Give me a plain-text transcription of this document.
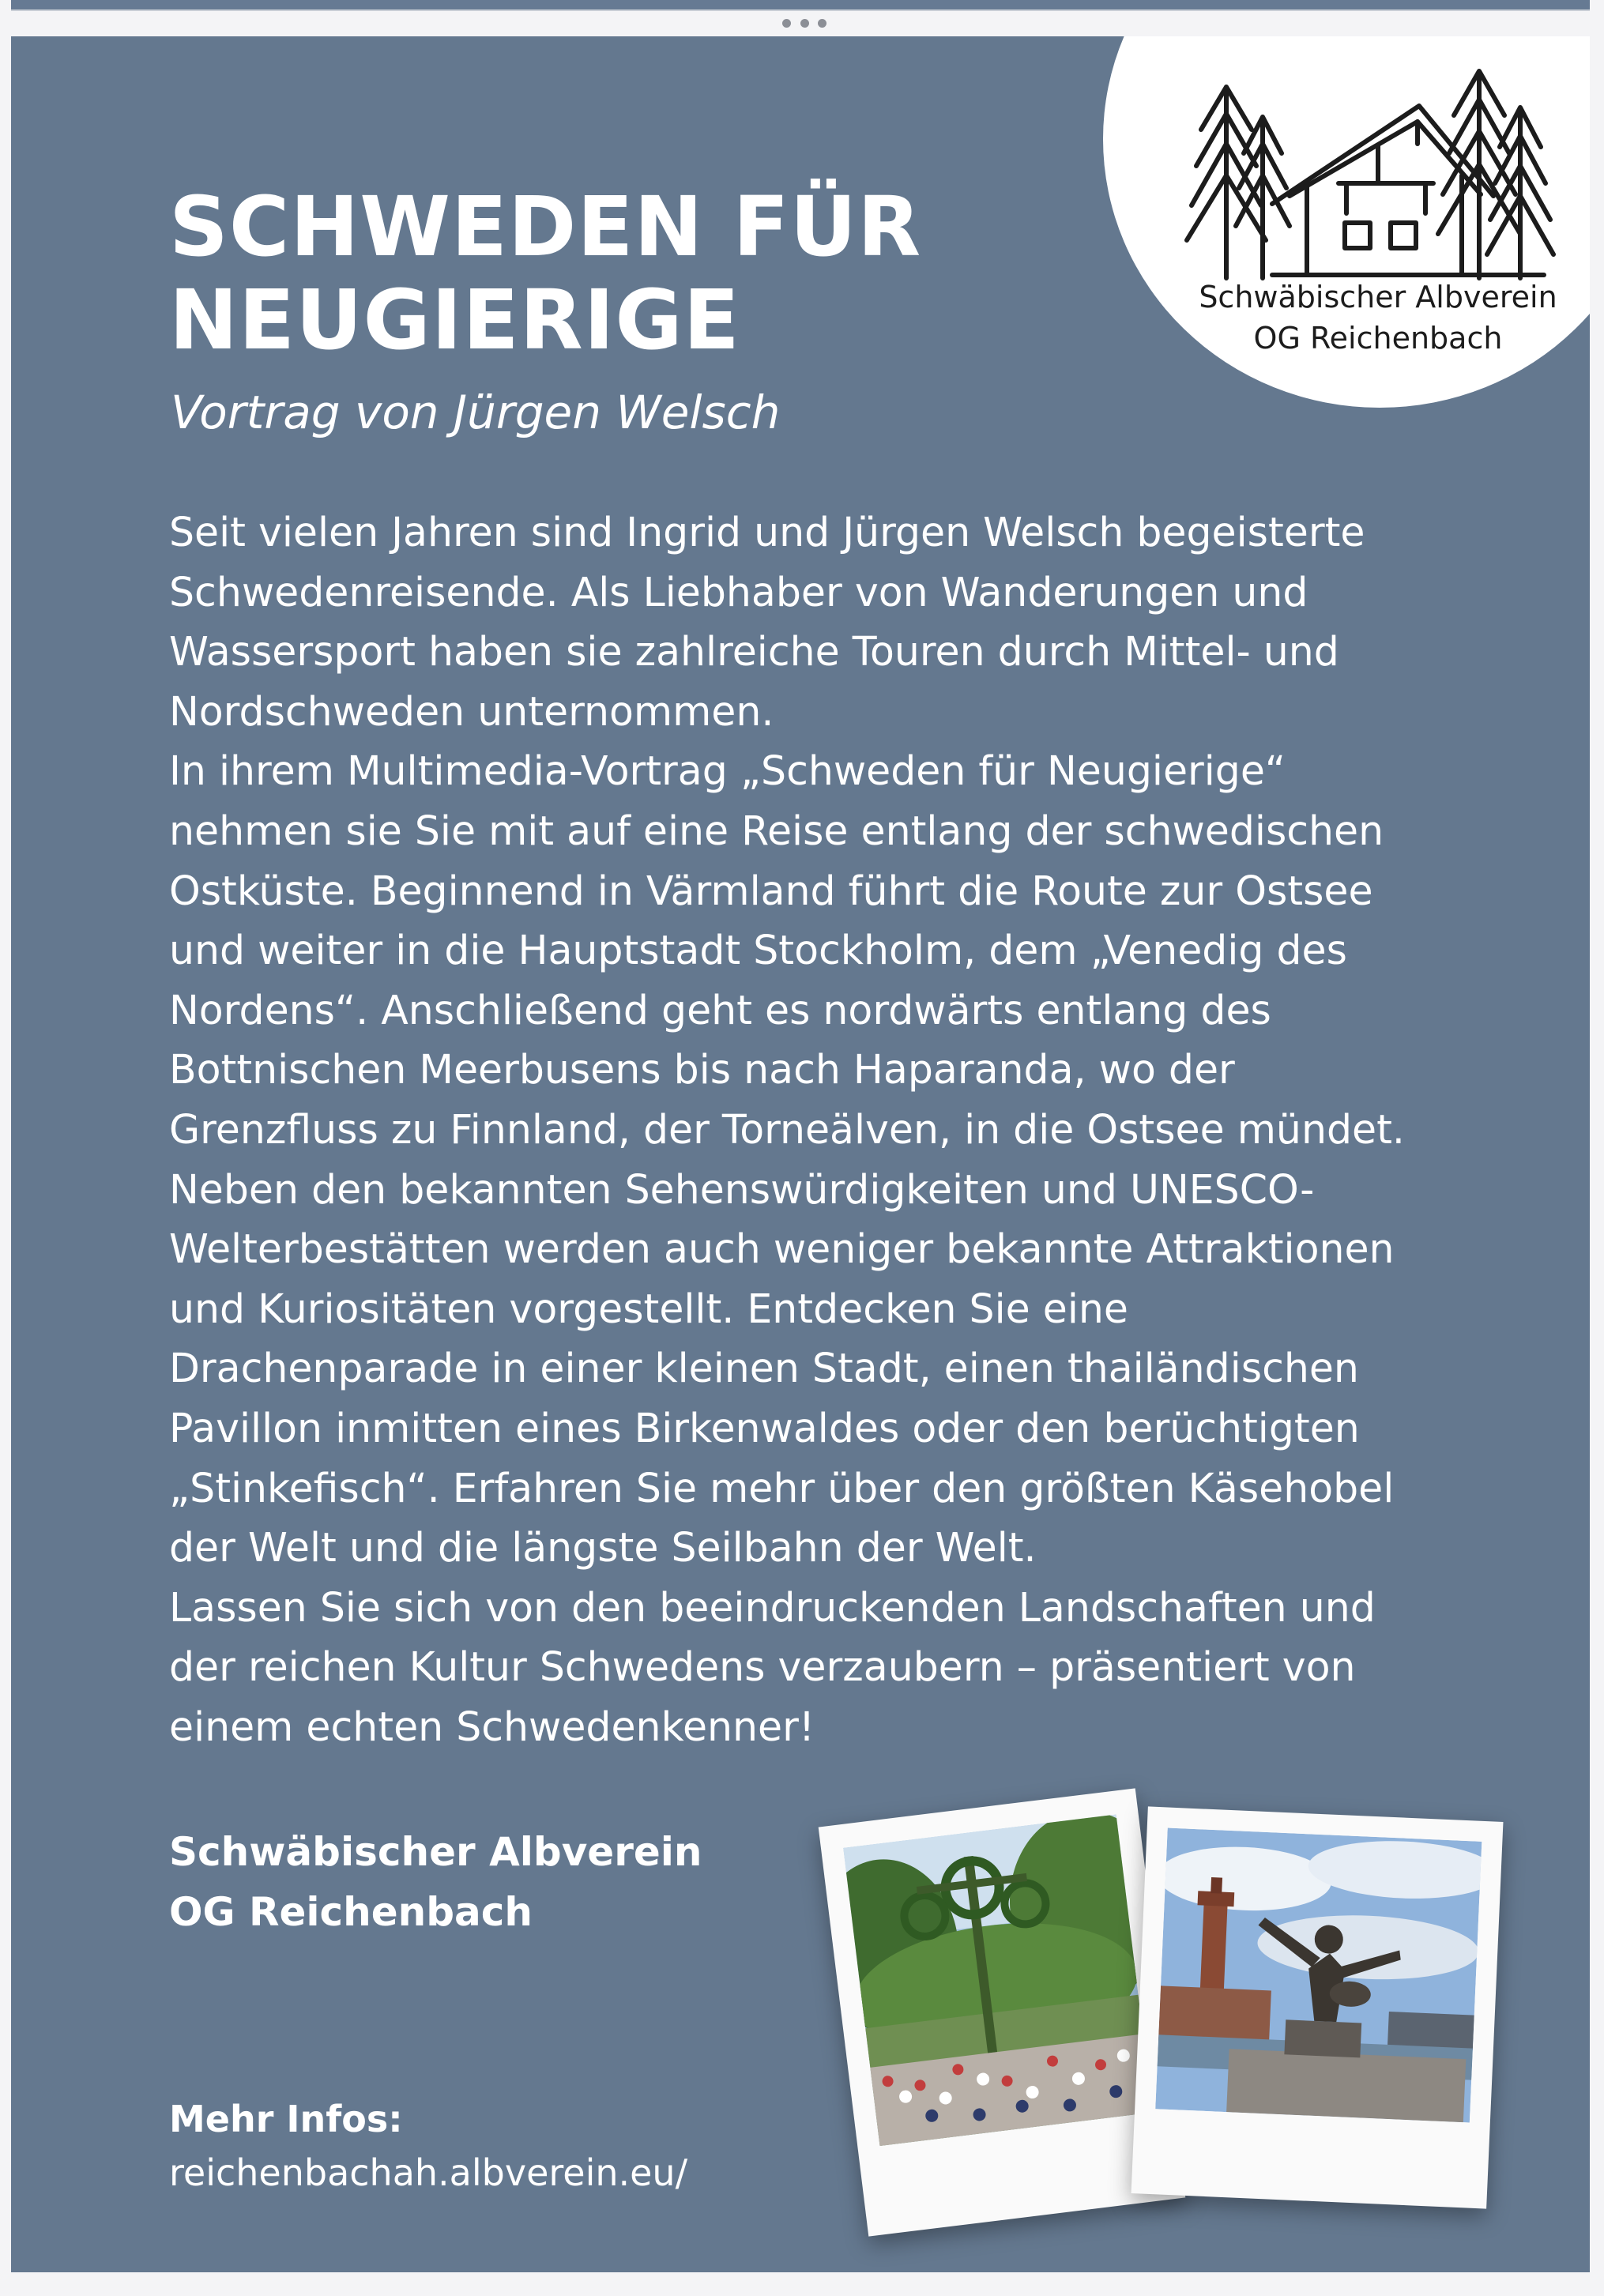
Schwäbischer Albverein
OG Reichenbach
SCHWEDEN FÜR
NEUGIERIGE
Vortrag von Jürgen Welsch
Seit vielen Jahren sind Ingrid und Jürgen Welsch begeisterte
Schwedenreisende. Als Liebhaber von Wanderungen und
Wassersport haben sie zahlreiche Touren durch Mittel- und
Nordschweden unternommen.
In ihrem Multimedia-Vortrag „Schweden für Neugierige“
nehmen sie Sie mit auf eine Reise entlang der schwedischen
Ostküste. Beginnend in Värmland führt die Route zur Ostsee
und weiter in die Hauptstadt Stockholm, dem „Venedig des
Nordens“. Anschließend geht es nordwärts entlang des
Bottnischen Meerbusens bis nach Haparanda, wo der
Grenzfluss zu Finnland, der Torneälven, in die Ostsee mündet.
Neben den bekannten Sehenswürdigkeiten und UNESCO-
Welterbestätten werden auch weniger bekannte Attraktionen
und Kuriositäten vorgestellt. Entdecken Sie eine
Drachenparade in einer kleinen Stadt, einen thailändischen
Pavillon inmitten eines Birkenwaldes oder den berüchtigten
„Stinkefisch“. Erfahren Sie mehr über den größten Käsehobel
der Welt und die längste Seilbahn der Welt.
Lassen Sie sich von den beeindruckenden Landschaften und
der reichen Kultur Schwedens verzaubern – präsentiert von
einem echten Schwedenkenner!
Schwäbischer Albverein
OG Reichenbach
Mehr Infos:
reichenbachah.albverein.eu/
